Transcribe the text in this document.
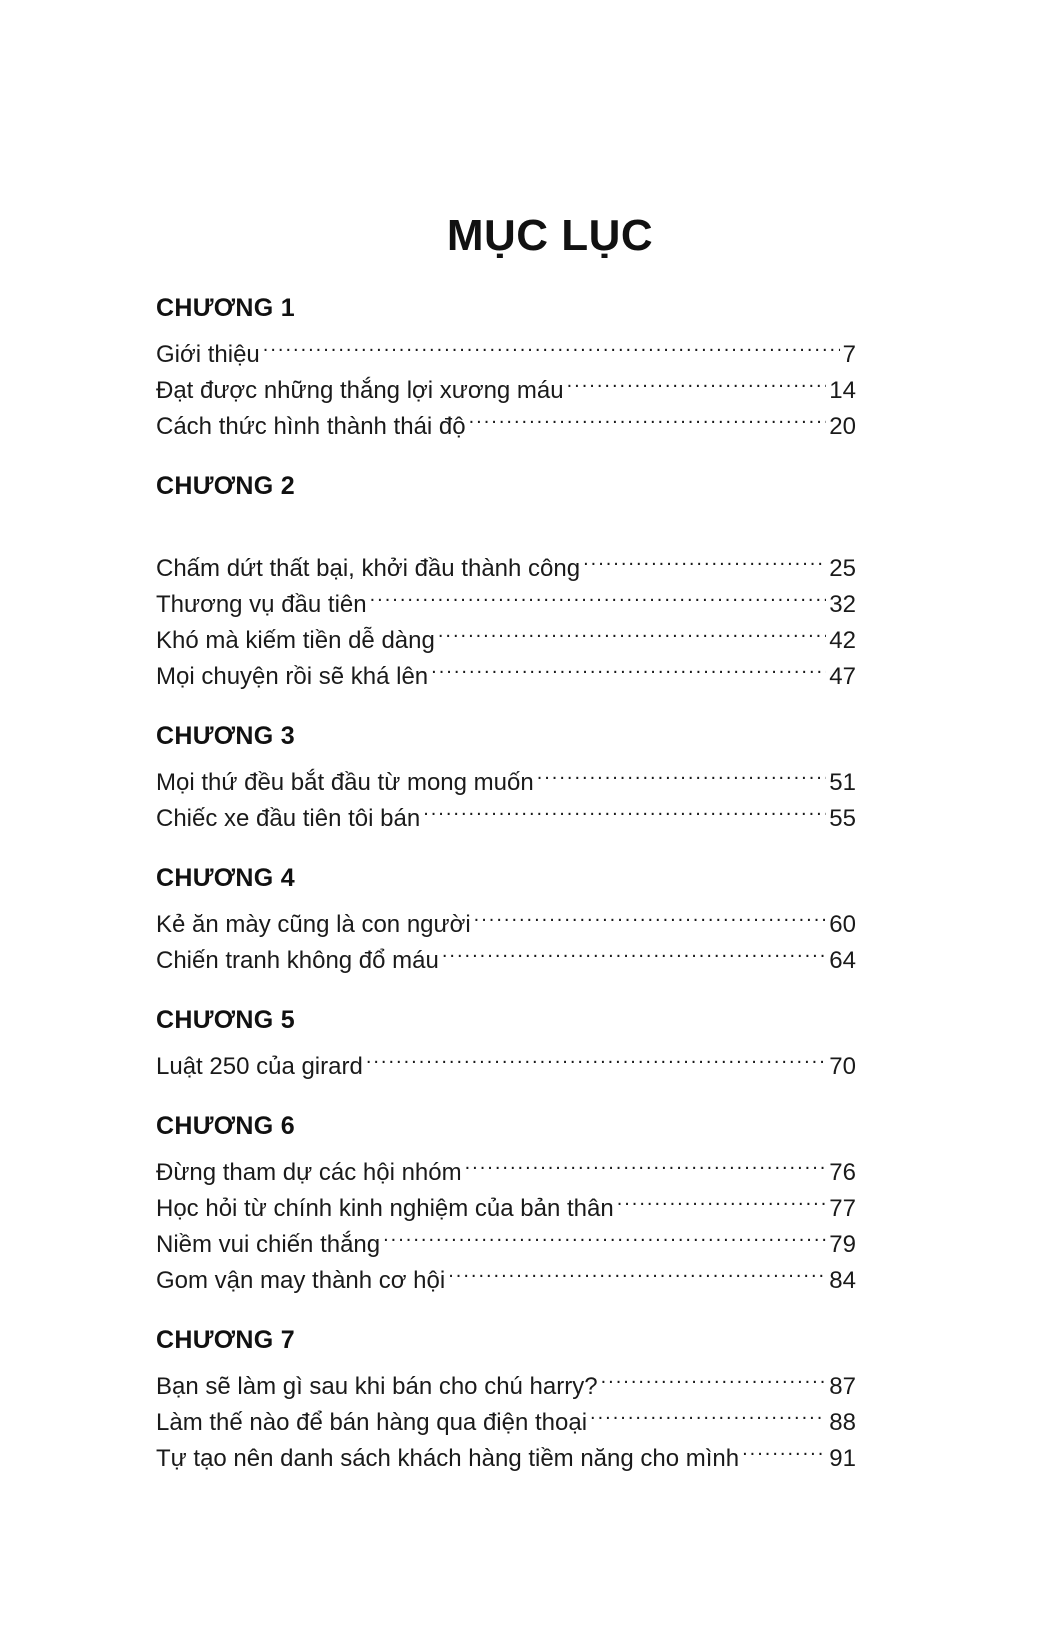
MỤC LỤC
CHƯƠNG 1
Giới thiệu .....	7
Đạt được những thắng lợi xương máu .....	14
Cách thức hình thành thái độ .....	20
CHƯƠNG 2
Chấm dứt thất bại, khởi đầu thành công .....	25
Thương vụ đầu tiên .....	32
Khó mà kiếm tiền dễ dàng .....	42
Mọi chuyện rồi sẽ khá lên .....	47
CHƯƠNG 3
Mọi thứ đều bắt đầu từ mong muốn .....	51
Chiếc xe đầu tiên tôi bán .....	55
CHƯƠNG 4
Kẻ ăn mày cũng là con người .....	60
Chiến tranh không đổ máu .....	64
CHƯƠNG 5
Luật 250 của girard .....	70
CHƯƠNG 6
Đừng tham dự các hội nhóm .....	76
Học hỏi từ chính kinh nghiệm của bản thân .....	77
Niềm vui chiến thắng .....	79
Gom vận may thành cơ hội .....	84
CHƯƠNG 7
Bạn sẽ làm gì sau khi bán cho chú harry? .....	87
Làm thế nào để bán hàng qua điện thoại .....	88
Tự tạo nên danh sách khách hàng tiềm năng cho mình .....	91
